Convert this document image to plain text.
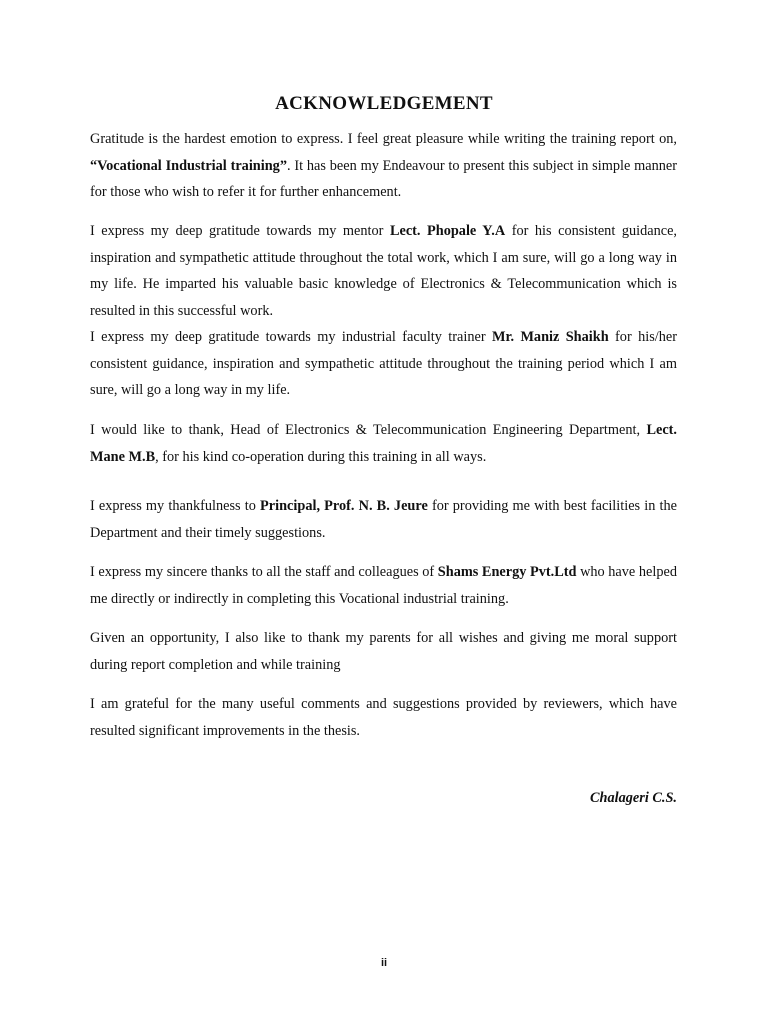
ACKNOWLEDGEMENT

Gratitude is the hardest emotion to express. I feel great pleasure while writing the training report on, “Vocational Industrial training”. It has been my Endeavour to present this subject in simple manner for those who wish to refer it for further enhancement.

I express my deep gratitude towards my mentor Lect. Phopale Y.A for his consistent guidance, inspiration and sympathetic attitude throughout the total work, which I am sure, will go a long way in my life. He imparted his valuable basic knowledge of Electronics & Telecommunication which is resulted in this successful work.

I express my deep gratitude towards my industrial faculty trainer Mr. Maniz Shaikh for his/her consistent guidance, inspiration and sympathetic attitude throughout the training period which I am sure, will go a long way in my life.

I would like to thank, Head of Electronics & Telecommunication Engineering Department, Lect. Mane M.B, for his kind co-operation during this training in all ways.

I express my thankfulness to Principal, Prof. N. B. Jeure for providing me with best facilities in the Department and their timely suggestions.

I express my sincere thanks to all the staff and colleagues of Shams Energy Pvt.Ltd who have helped me directly or indirectly in completing this Vocational industrial training.

Given an opportunity, I also like to thank my parents for all wishes and giving me moral support during report completion and while training

I am grateful for the many useful comments and suggestions provided by reviewers, which have resulted significant improvements in the thesis.

Chalageri C.S.

ii
